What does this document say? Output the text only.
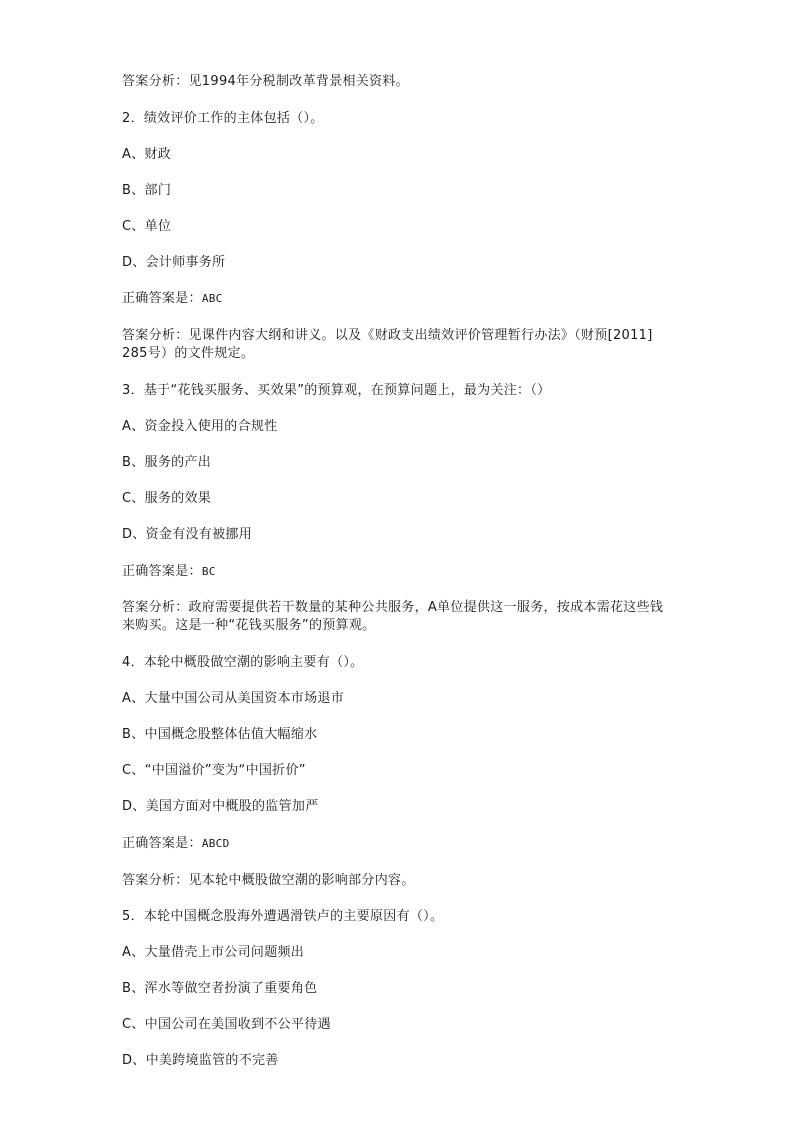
答案分析：见1994年分税制改革背景相关资料。
2．绩效评价工作的主体包括（）。
A、财政
B、部门
C、单位
D、会计师事务所
正确答案是：ABC
答案分析：见课件内容大纲和讲义。以及《财政支出绩效评价管理暂行办法》（财预[2011]
285号）的文件规定。
3．基于“花钱买服务、买效果”的预算观，在预算问题上，最为关注：（）
A、资金投入使用的合规性
B、服务的产出
C、服务的效果
D、资金有没有被挪用
正确答案是：BC
答案分析：政府需要提供若干数量的某种公共服务，A单位提供这一服务，按成本需花这些钱
来购买。这是一种“花钱买服务”的预算观。
4．本轮中概股做空潮的影响主要有（）。
A、大量中国公司从美国资本市场退市
B、中国概念股整体估值大幅缩水
C、“中国溢价”变为“中国折价”
D、美国方面对中概股的监管加严
正确答案是：ABCD
答案分析：见本轮中概股做空潮的影响部分内容。
5．本轮中国概念股海外遭遇滑铁卢的主要原因有（）。
A、大量借壳上市公司问题频出
B、浑水等做空者扮演了重要角色
C、中国公司在美国收到不公平待遇
D、中美跨境监管的不完善
